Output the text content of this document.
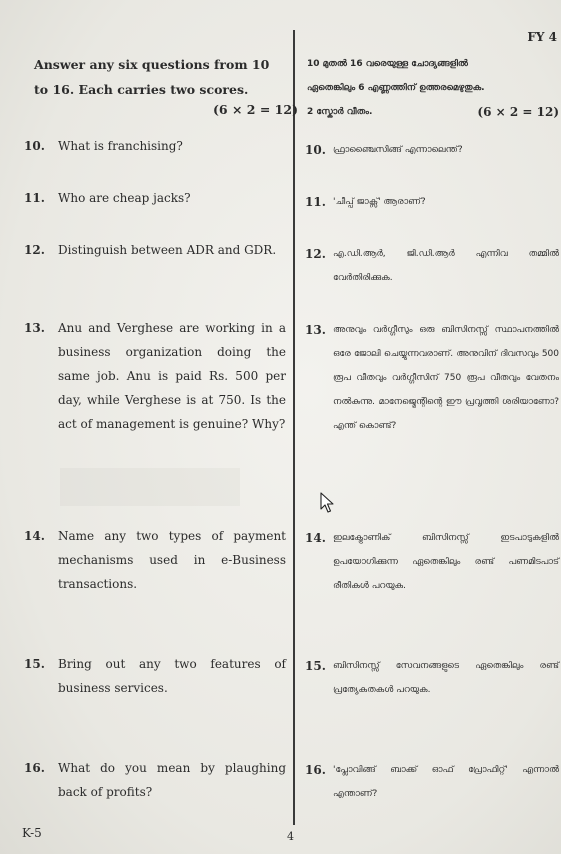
FY 4

Answer any six questions from 10 to 16. Each carries two scores.
(6 × 2 = 12)

10. What is franchising?
11. Who are cheap jacks?
12. Distinguish between ADR and GDR.
13. Anu and Verghese are working in a business organization doing the same job. Anu is paid Rs. 500 per day, while Verghese is at 750. Is the act of management is genuine? Why?
14. Name any two types of payment mechanisms used in e-Business transactions.
15. Bring out any two features of business services.
16. What do you mean by plaughing back of profits?
10 മുതൽ 16 വരെയുള്ള ചോദ്യങ്ങളിൽ
ഏതെങ്കിലും 6 എണ്ണത്തിന് ഉത്തരമെഴുതുക.
2 സ്കോർ വീതം.	(6 × 2 = 12)
10. ഫ്രാഞ്ചൈസിങ്ങ് എന്നാലെന്ത്?
11. 'ചീപ്പ് ജാക്സ്' ആരാണ്?
12. എ.ഡി.ആർ, ജി.ഡി.ആർ എന്നിവ തമ്മിൽ വേർതിരിക്കുക.
13. അനുവും വർഗ്ഗീസും ഒരു ബിസിനസ്സ് സ്ഥാപനത്തിൽ ഒരേ ജോലി ചെയ്യുന്നവരാണ്. അനുവിന് ദിവസവും 500 രൂപ വീതവും വർഗ്ഗീസിന് 750 രൂപ വീതവും വേതനം നൽകുന്നു. മാനേജ്മെന്റിന്റെ ഈ പ്രവൃത്തി ശരിയാണോ? എന്ത് കൊണ്ട്?
14. ഇലക്ട്രോണിക് ബിസിനസ്സ് ഇടപാടുകളിൽ ഉപയോഗിക്കുന്ന ഏതെങ്കിലും രണ്ട് പണമിടപാട് രീതികൾ പറയുക.
15. ബിസിനസ്സ് സേവനങ്ങളുടെ ഏതെങ്കിലും രണ്ട് പ്രത്യേകതകൾ പറയുക.
16. 'പ്ലോവിങ്ങ് ബാക്ക് ഓഫ് പ്രോഫിറ്റ്' എന്നാൽ എന്താണ്?
K-5	4
